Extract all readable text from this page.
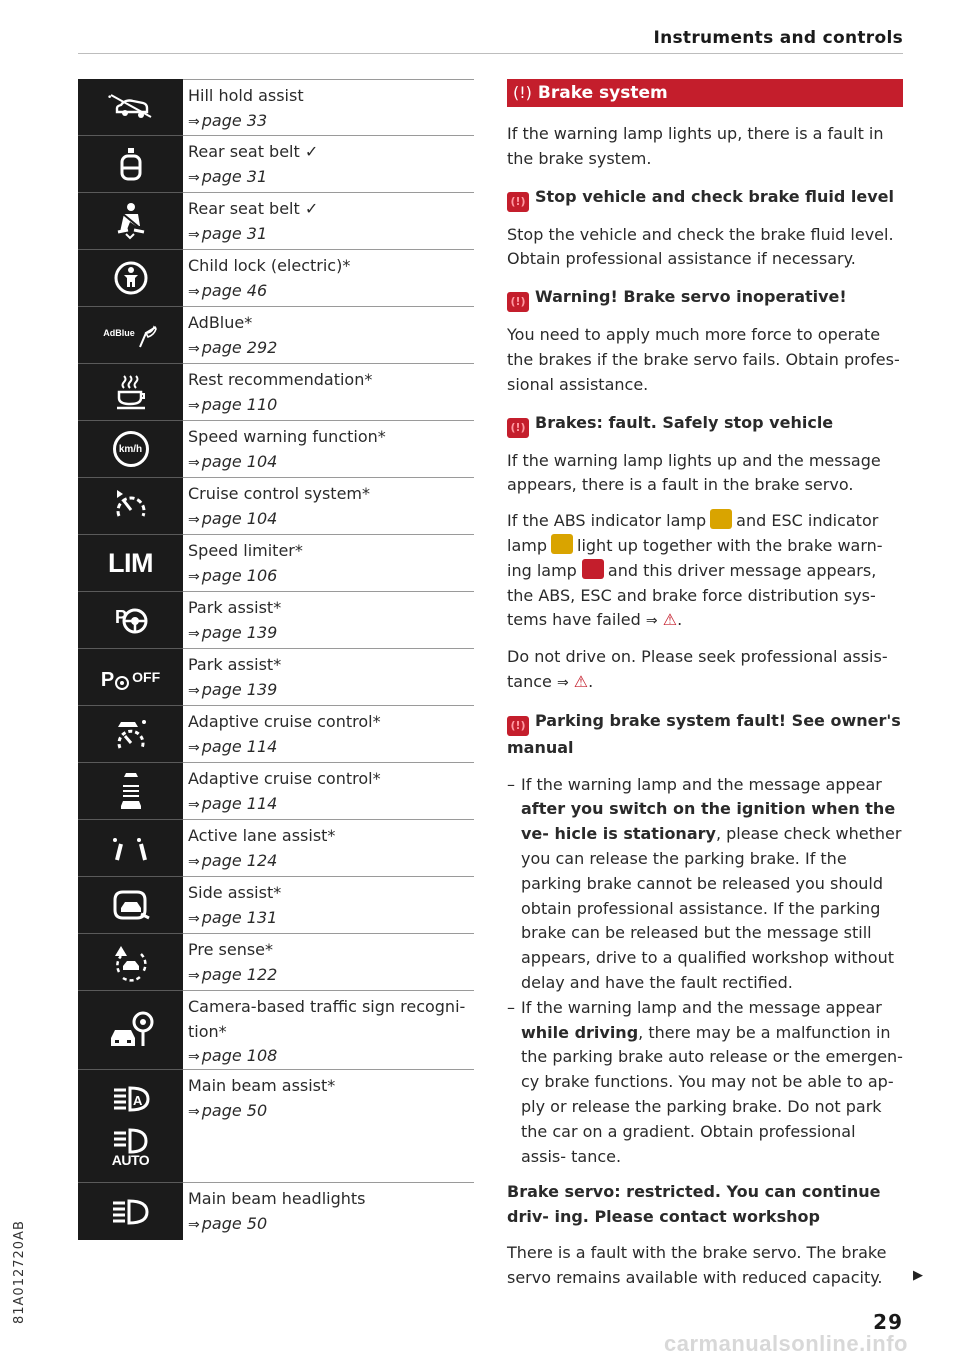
Instruments and controls
81A012720AB
•	Hill hold assist
⇒ page 33
Rear seat belt ✓
⇒ page 31
Rear seat belt ✓
⇒ page 31
Child lock (electric)*
⇒ page 46
AdBlue
AdBlue*
⇒ page 292
Rest recommendation*
⇒ page 110
km/h
Speed warning function*
⇒ page 104
Cruise control system*
⇒ page 104
LIM Speed limiter*
⇒ page 106
P	Park assist*
⇒ page 139
P OFF
Park assist*
⇒ page 139
Adaptive cruise control*
⇒ page 114
Adaptive cruise control*
⇒ page 114
Active lane assist*
⇒ page 124
Side assist*
⇒ page 131
Pre sense*
⇒ page 122
Camera-based traffic sign recogni-
tion*
⇒ page 108
A
AUTO
Main beam assist*
⇒ page 50
Main beam headlights
⇒ page 50
(!) Brake system

If the warning lamp lights up, there is a fault in the brake system.

(!) Stop vehicle and check brake fluid level

Stop the vehicle and check the brake fluid level. Obtain professional assistance if necessary.

(!) Warning! Brake servo inoperative!

You need to apply much more force to operate the brakes if the brake servo fails. Obtain profes- sional assistance.

(!) Brakes: fault. Safely stop vehicle

If the warning lamp lights up and the message appears, there is a fault in the brake servo.

If the ABS indicator lamp and ESC indicator lamp light up together with the brake warn- ing lamp and this driver message appears, the ABS, ESC and brake force distribution sys- tems have failed ⇒ ⚠.

Do not drive on. Please seek professional assis- tance ⇒ ⚠.

(!) Parking brake system fault! See owner's manual

– If the warning lamp and the message appear after you switch on the ignition when the ve- hicle is stationary, please check whether you can release the parking brake. If the parking brake cannot be released you should obtain professional assistance. If the parking brake can be released but the message still appears, drive to a qualified workshop without delay and have the fault rectified.
– If the warning lamp and the message appear while driving, there may be a malfunction in the parking brake auto release or the emergen- cy brake functions. You may not be able to ap- ply or release the parking brake. Do not park the car on a gradient. Obtain professional assis- tance.

Brake servo: restricted. You can continue driv- ing. Please contact workshop

There is a fault with the brake servo. The brake servo remains available with reduced capacity. ▶

29
carmanualsonline.info
